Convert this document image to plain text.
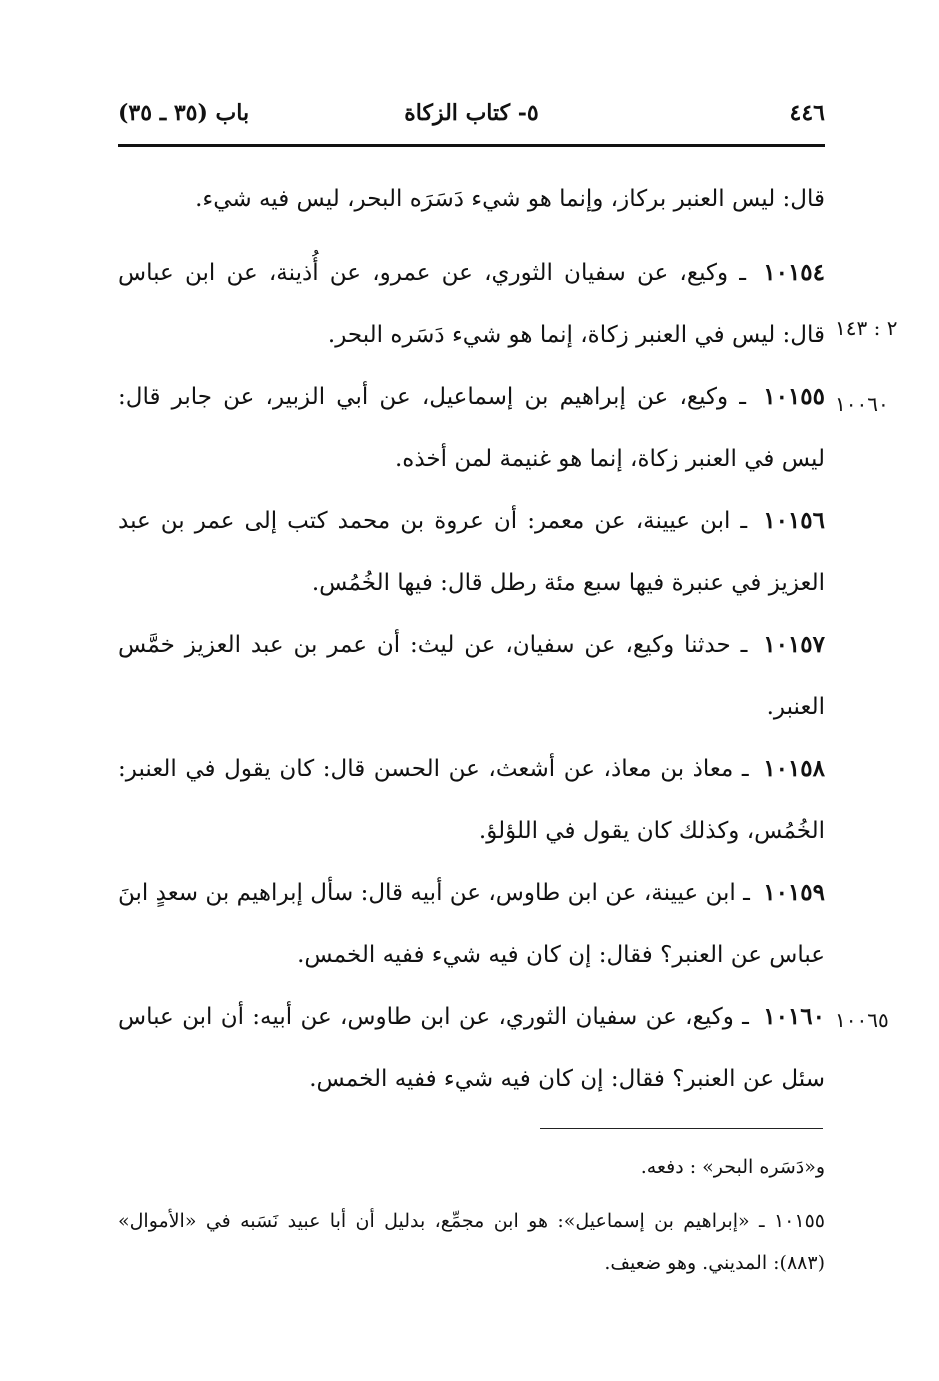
٤٤٦
٥- كتاب الزكاة
باب (٣٥ ـ ٣٥)
قال: ليس العنبر بركاز، وإنما هو شيء دَسَرَه البحر، ليس فيه شيء.
١٠١٥٤ ـ وكيع، عن سفيان الثوري، عن عمرو، عن أُذينة، عن ابن عباس قال: ليس في العنبر زكاة، إنما هو شيء دَسَره البحر.
١٠١٥٥ ـ وكيع، عن إبراهيم بن إسماعيل، عن أبي الزبير، عن جابر قال: ليس في العنبر زكاة، إنما هو غنيمة لمن أخذه.
١٠١٥٦ ـ ابن عيينة، عن معمر: أن عروة بن محمد كتب إلى عمر بن عبد العزيز في عنبرة فيها سبع مئة رطل قال: فيها الخُمُس.
١٠١٥٧ ـ حدثنا وكيع، عن سفيان، عن ليث: أن عمر بن عبد العزيز خمَّس العنبر.
١٠١٥٨ ـ معاذ بن معاذ، عن أشعث، عن الحسن قال: كان يقول في العنبر: الخُمُس، وكذلك كان يقول في اللؤلؤ.
١٠١٥٩ ـ ابن عيينة، عن ابن طاوس، عن أبيه قال: سأل إبراهيم بن سعدٍ ابنَ عباس عن العنبر؟ فقال: إن كان فيه شيء ففيه الخمس.
١٠١٦٠ ـ وكيع، عن سفيان الثوري، عن ابن طاوس، عن أبيه: أن ابن عباس سئل عن العنبر؟ فقال: إن كان فيه شيء ففيه الخمس.
٢ : ١٤٣
١٠٠٦٠
١٠٠٦٥
و«دَسَره البحر» : دفعه.
١٠١٥٥ ـ «إبراهيم بن إسماعيل»: هو ابن مجمِّع، بدليل أن أبا عبيد نَسَبه في «الأموال» (٨٨٣): المديني. وهو ضعيف.
